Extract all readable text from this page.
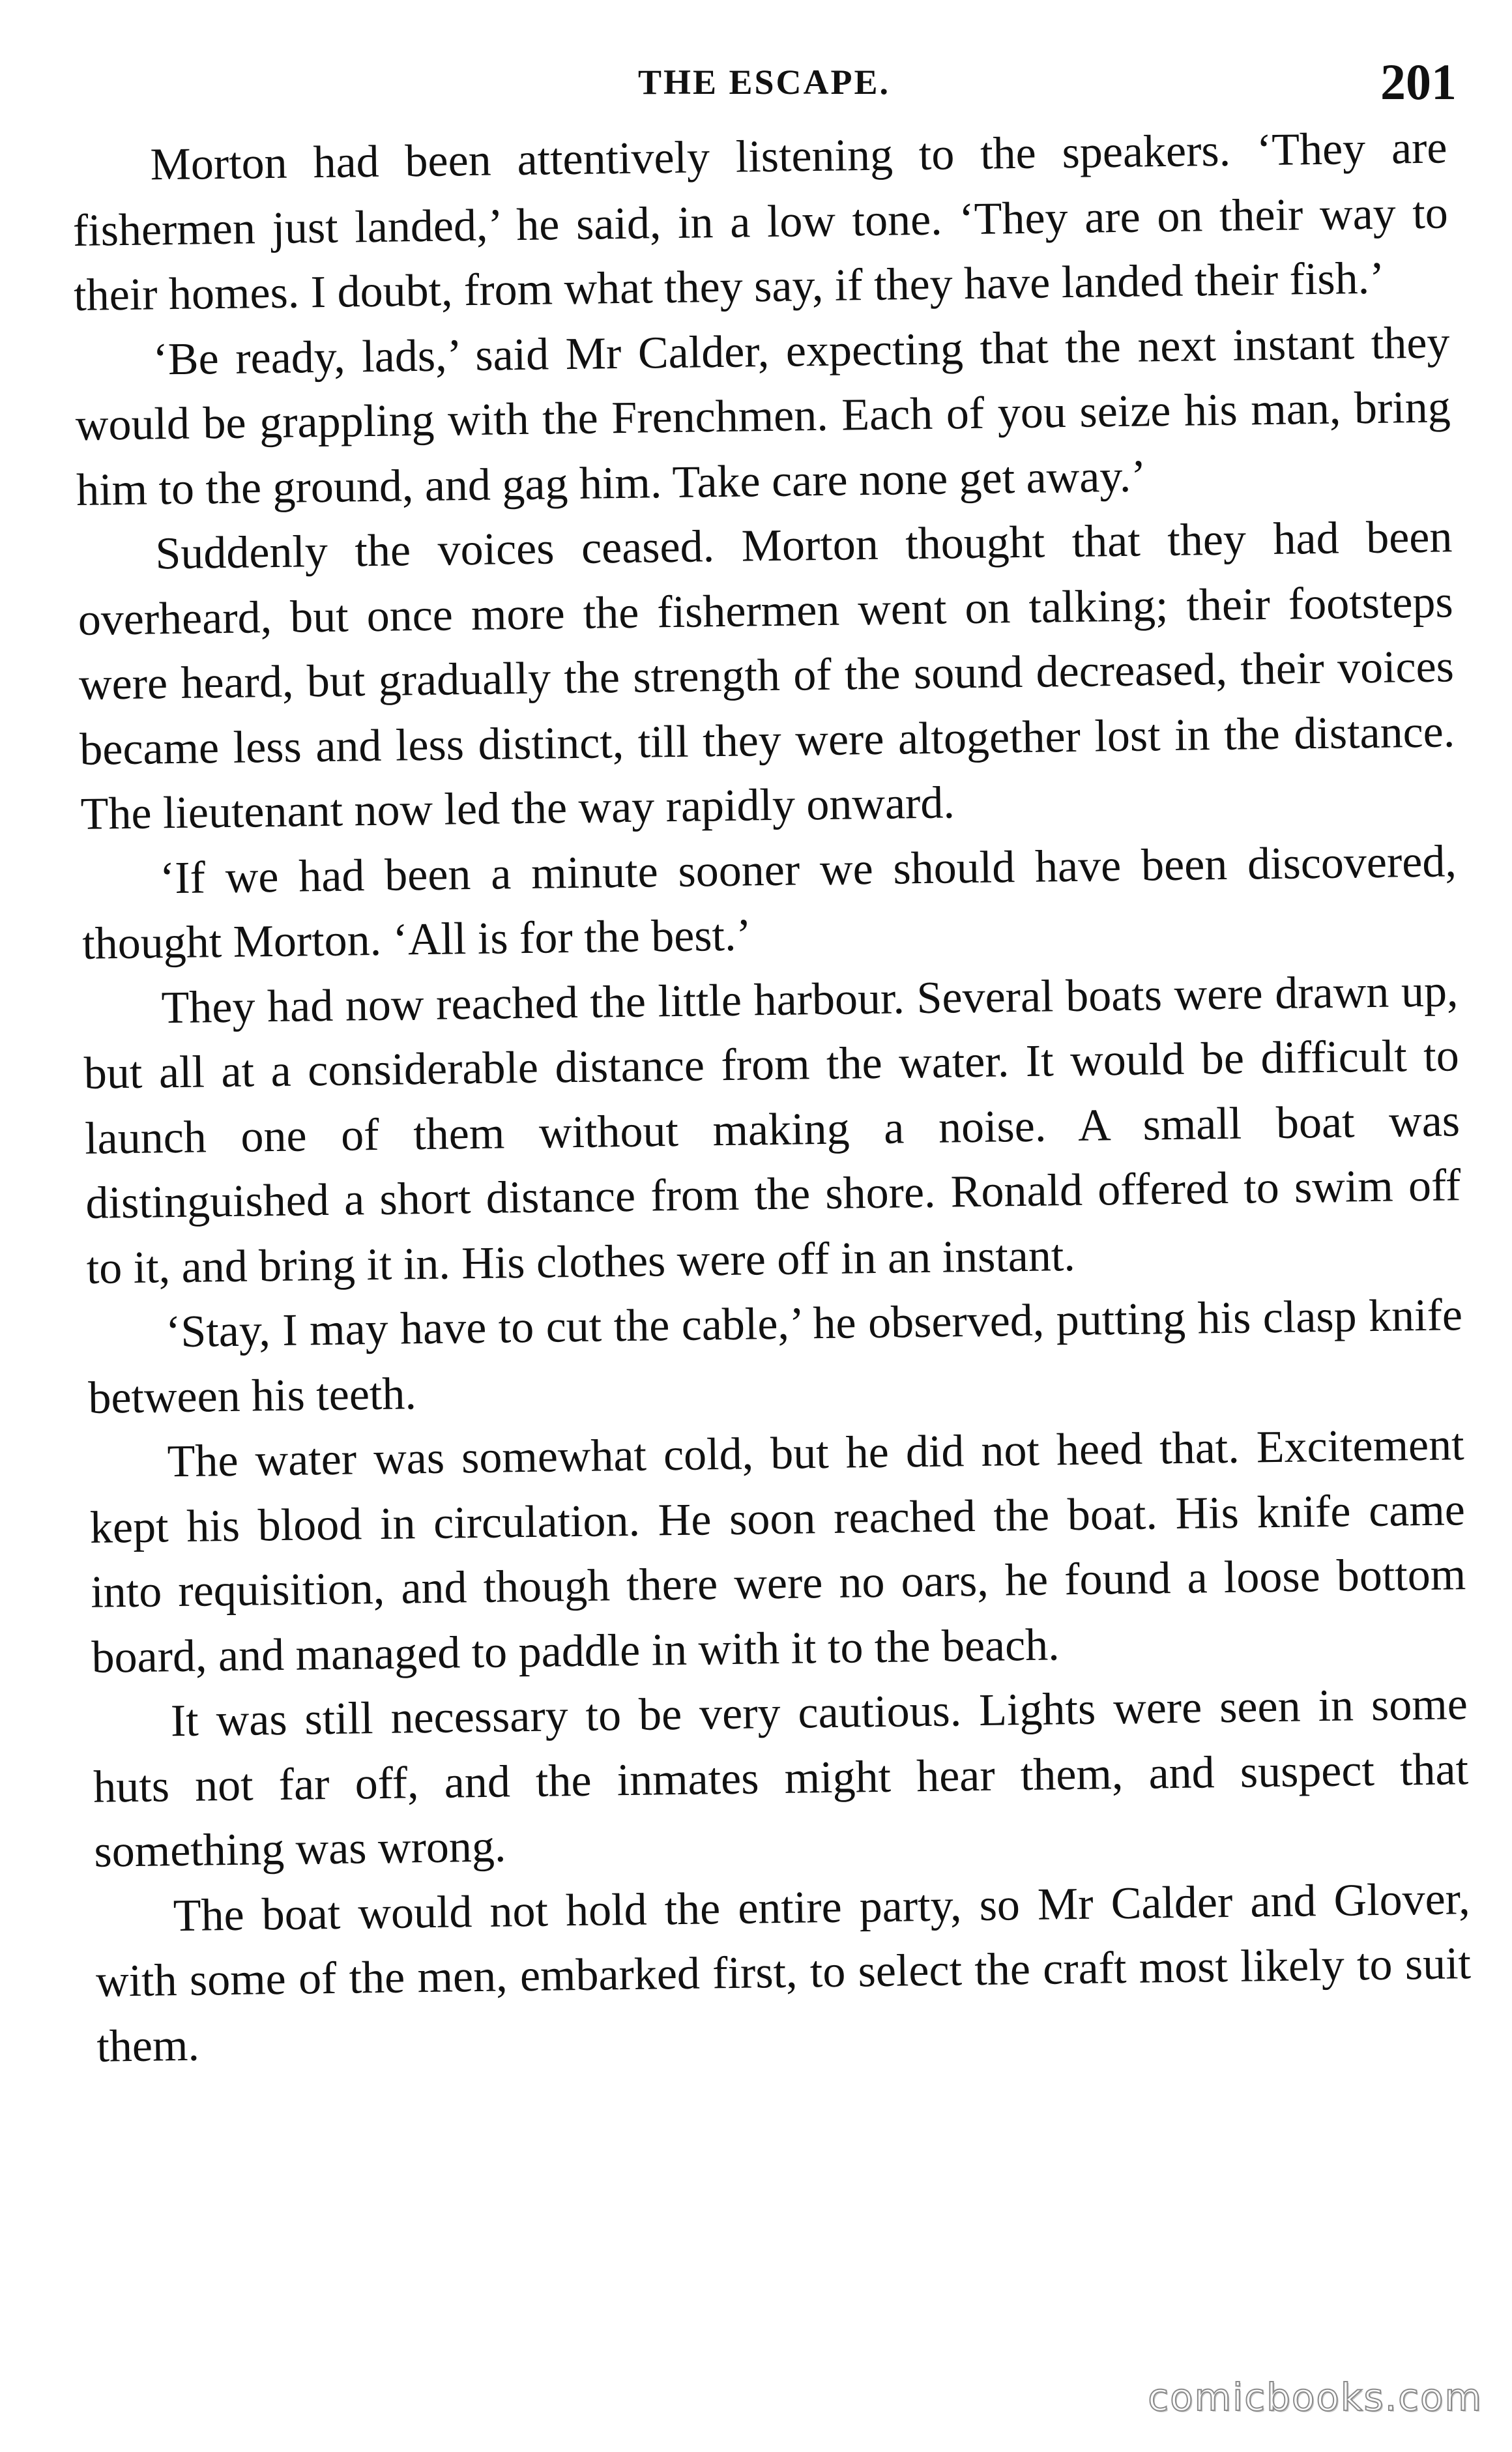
THE ESCAPE.	201

Morton had been attentively listening to the speakers. ‘They are fishermen just landed,’ he said, in a low tone. ‘They are on their way to their homes. I doubt, from what they say, if they have landed their fish.’

‘Be ready, lads,’ said Mr Calder, expecting that the next instant they would be grappling with the Frenchmen. Each of you seize his man, bring him to the ground, and gag him. Take care none get away.’

Suddenly the voices ceased. Morton thought that they had been overheard, but once more the fishermen went on talking; their footsteps were heard, but gradually the strength of the sound decreased, their voices became less and less distinct, till they were altogether lost in the distance. The lieutenant now led the way rapidly onward.

‘If we had been a minute sooner we should have been discovered, thought Morton. ‘All is for the best.’

They had now reached the little harbour. Several boats were drawn up, but all at a considerable distance from the water. It would be difficult to launch one of them without making a noise. A small boat was distinguished a short distance from the shore. Ronald offered to swim off to it, and bring it in. His clothes were off in an instant.

‘Stay, I may have to cut the cable,’ he observed, putting his clasp knife between his teeth.

The water was somewhat cold, but he did not heed that. Excitement kept his blood in circulation. He soon reached the boat. His knife came into requisition, and though there were no oars, he found a loose bottom board, and managed to paddle in with it to the beach.

It was still necessary to be very cautious. Lights were seen in some huts not far off, and the inmates might hear them, and suspect that something was wrong.

The boat would not hold the entire party, so Mr Calder and Glover, with some of the men, embarked first, to select the craft most likely to suit them.

comicbooks.com
